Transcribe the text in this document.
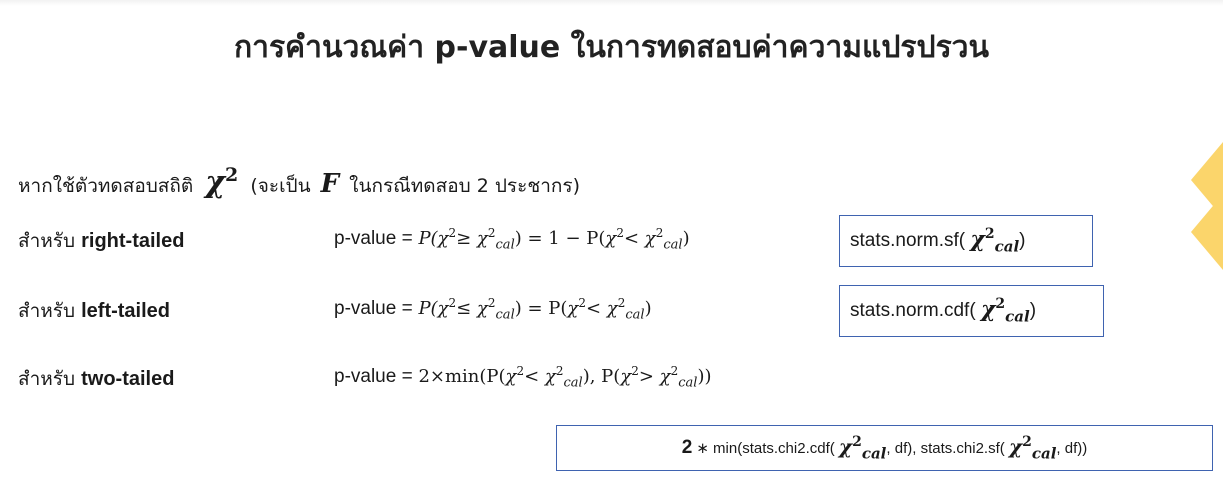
การคำนวณค่า p-value ในการทดสอบค่าความแปรปรวน
หากใช้ตัวทดสอบสถิติ $\chi^2$ (จะเป็น F ในกรณีทดสอบ 2 ประชากร)
สำหรับ right-tailed	p-value = $P(\chi^2\ge \chi^2_{cal}) = 1 - P(\chi^2< \chi^2_{cal})$	stats.norm.sf(
$\chi^2_{cal}$ )
สำหรับ left-tailed	p-value = $P(\chi^2\le \chi^2_{cal}) = P(\chi^2< \chi^2_{cal})$	stats.norm.cdf(
$\chi^2_{cal}$ )
สำหรับ two-tailed	p-value = $2\times\min(P(\chi^2< \chi^2_{cal})$, $P(\chi^2> \chi^2_{cal})$)
2 ∗ min(stats.chi2.cdf(
$\chi^2_{cal}$ , df), stats.chi2.sf(
$\chi^2_{cal}$ , df))
